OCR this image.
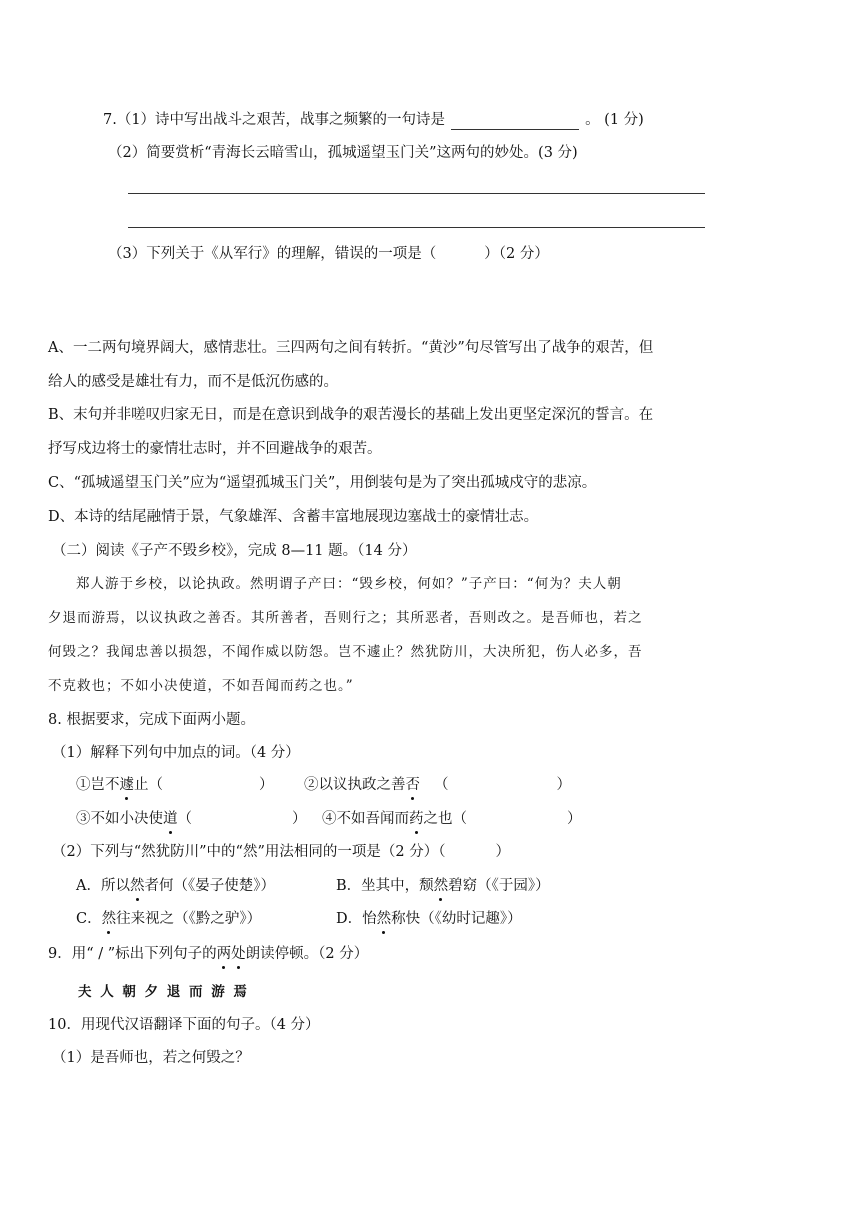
7.（1）诗中写出战斗之艰苦，战事之频繁的一句诗是	。 (1 分)
（2）简要赏析“青海长云暗雪山，孤城遥望玉门关”这两句的妙处。(3 分)
（3）下列关于《从军行》的理解，错误的一项是（	）（2 分）
A、一二两句境界阔大，感情悲壮。三四两句之间有转折。“黄沙”句尽管写出了战争的艰苦，但
给人的感受是雄壮有力，而不是低沉伤感的。
B、末句并非嗟叹归家无日，而是在意识到战争的艰苦漫长的基础上发出更坚定深沉的誓言。在
抒写戍边将士的豪情壮志时，并不回避战争的艰苦。
C、“孤城遥望玉门关”应为“遥望孤城玉门关”，用倒装句是为了突出孤城戍守的悲凉。
D、本诗的结尾融情于景，气象雄浑、含蓄丰富地展现边塞战士的豪情壮志。
（二）阅读《子产不毁乡校》，完成 8—11 题。（14 分）
郑人游于乡校，以论执政。然明谓子产曰：“毁乡校，何如？”子产曰：“何为？夫人朝
夕退而游焉，以议执政之善否。其所善者，吾则行之；其所恶者，吾则改之。是吾师也，若之
何毁之？我闻忠善以损怨，不闻作威以防怨。岂不遽止？然犹防川，大决所犯，伤人必多，吾
不克救也；不如小决使道，不如吾闻而药之也。”
8. 根据要求，完成下面两小题。
（1）解释下列句中加点的词。（4 分）
①岂不遽止（	） ②以议执政之善否 （	）
③不如小决使道（	） ④不如吾闻而药之也（	）
（2）下列与“然犹防川”中的“然”用法相同的一项是（2 分）（	）
A．所以然者何（《晏子使楚》）	B．坐其中，颓然碧窈（《于园》）
C．然往来视之（《黔之驴》）	D．怡然称快（《幼时记趣》）
9．用“ / ”标出下列句子的两处朗读停顿。（2 分）
夫 人 朝 夕 退 而 游 焉
10．用现代汉语翻译下面的句子。（4 分）
（1）是吾师也，若之何毁之？
